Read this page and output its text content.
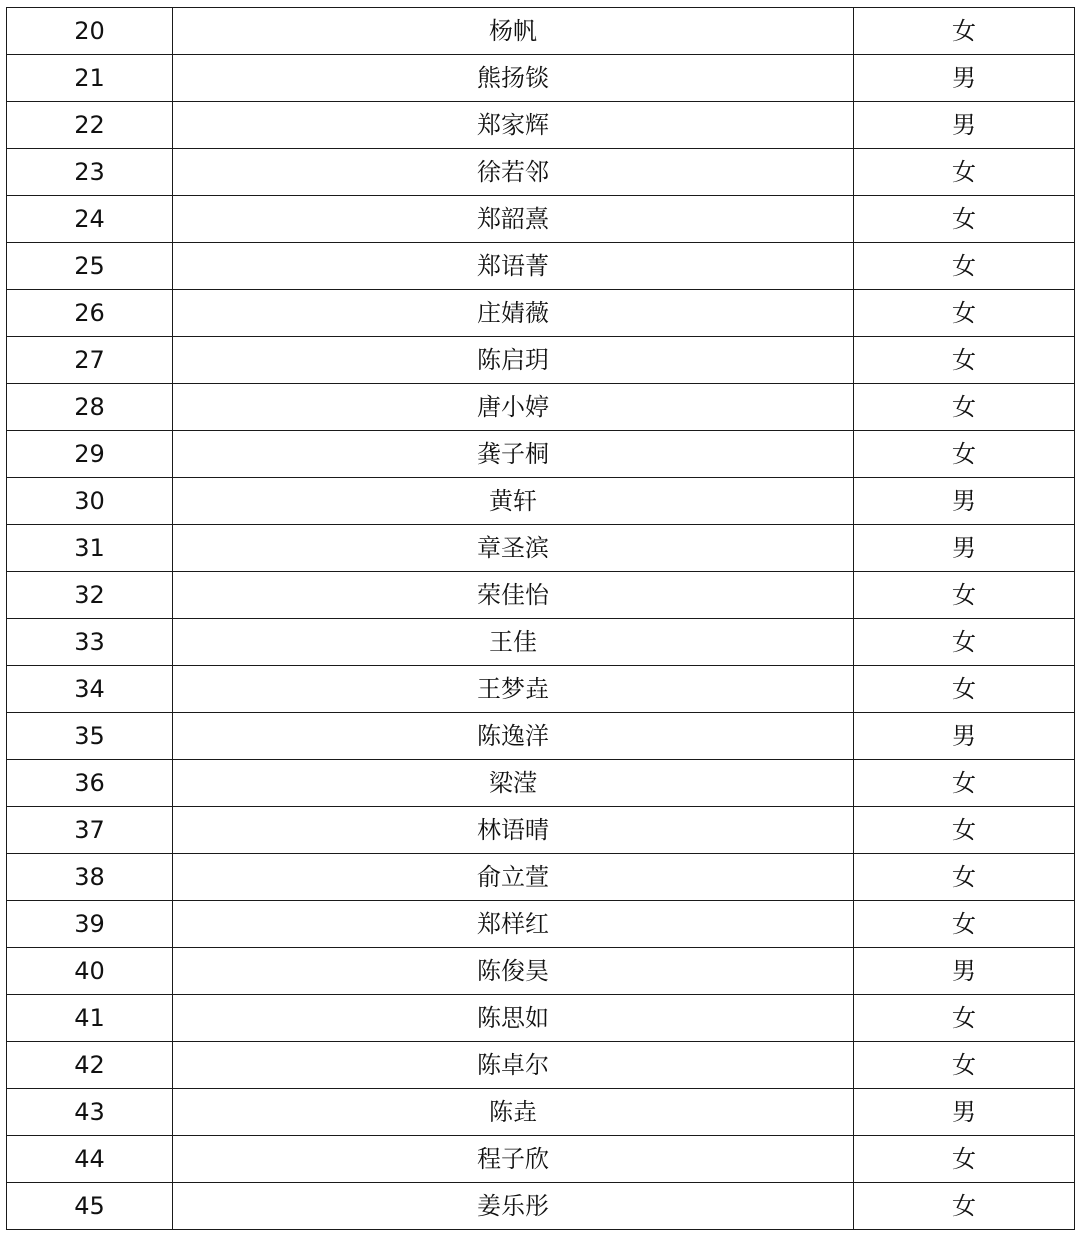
20	杨帆	女
21	熊扬锬	男
22	郑家辉	男
23	徐若邻	女
24	郑韶熹	女
25	郑语菁	女
26	庄婧薇	女
27	陈启玥	女
28	唐小婷	女
29	龚子桐	女
30	黄轩	男
31	章圣滨	男
32	荣佳怡	女
33	王佳	女
34	王梦垚	女
35	陈逸洋	男
36	梁滢	女
37	林语晴	女
38	俞立萱	女
39	郑样红	女
40	陈俊昊	男
41	陈思如	女
42	陈卓尔	女
43	陈垚	男
44	程子欣	女
45	姜乐彤	女
